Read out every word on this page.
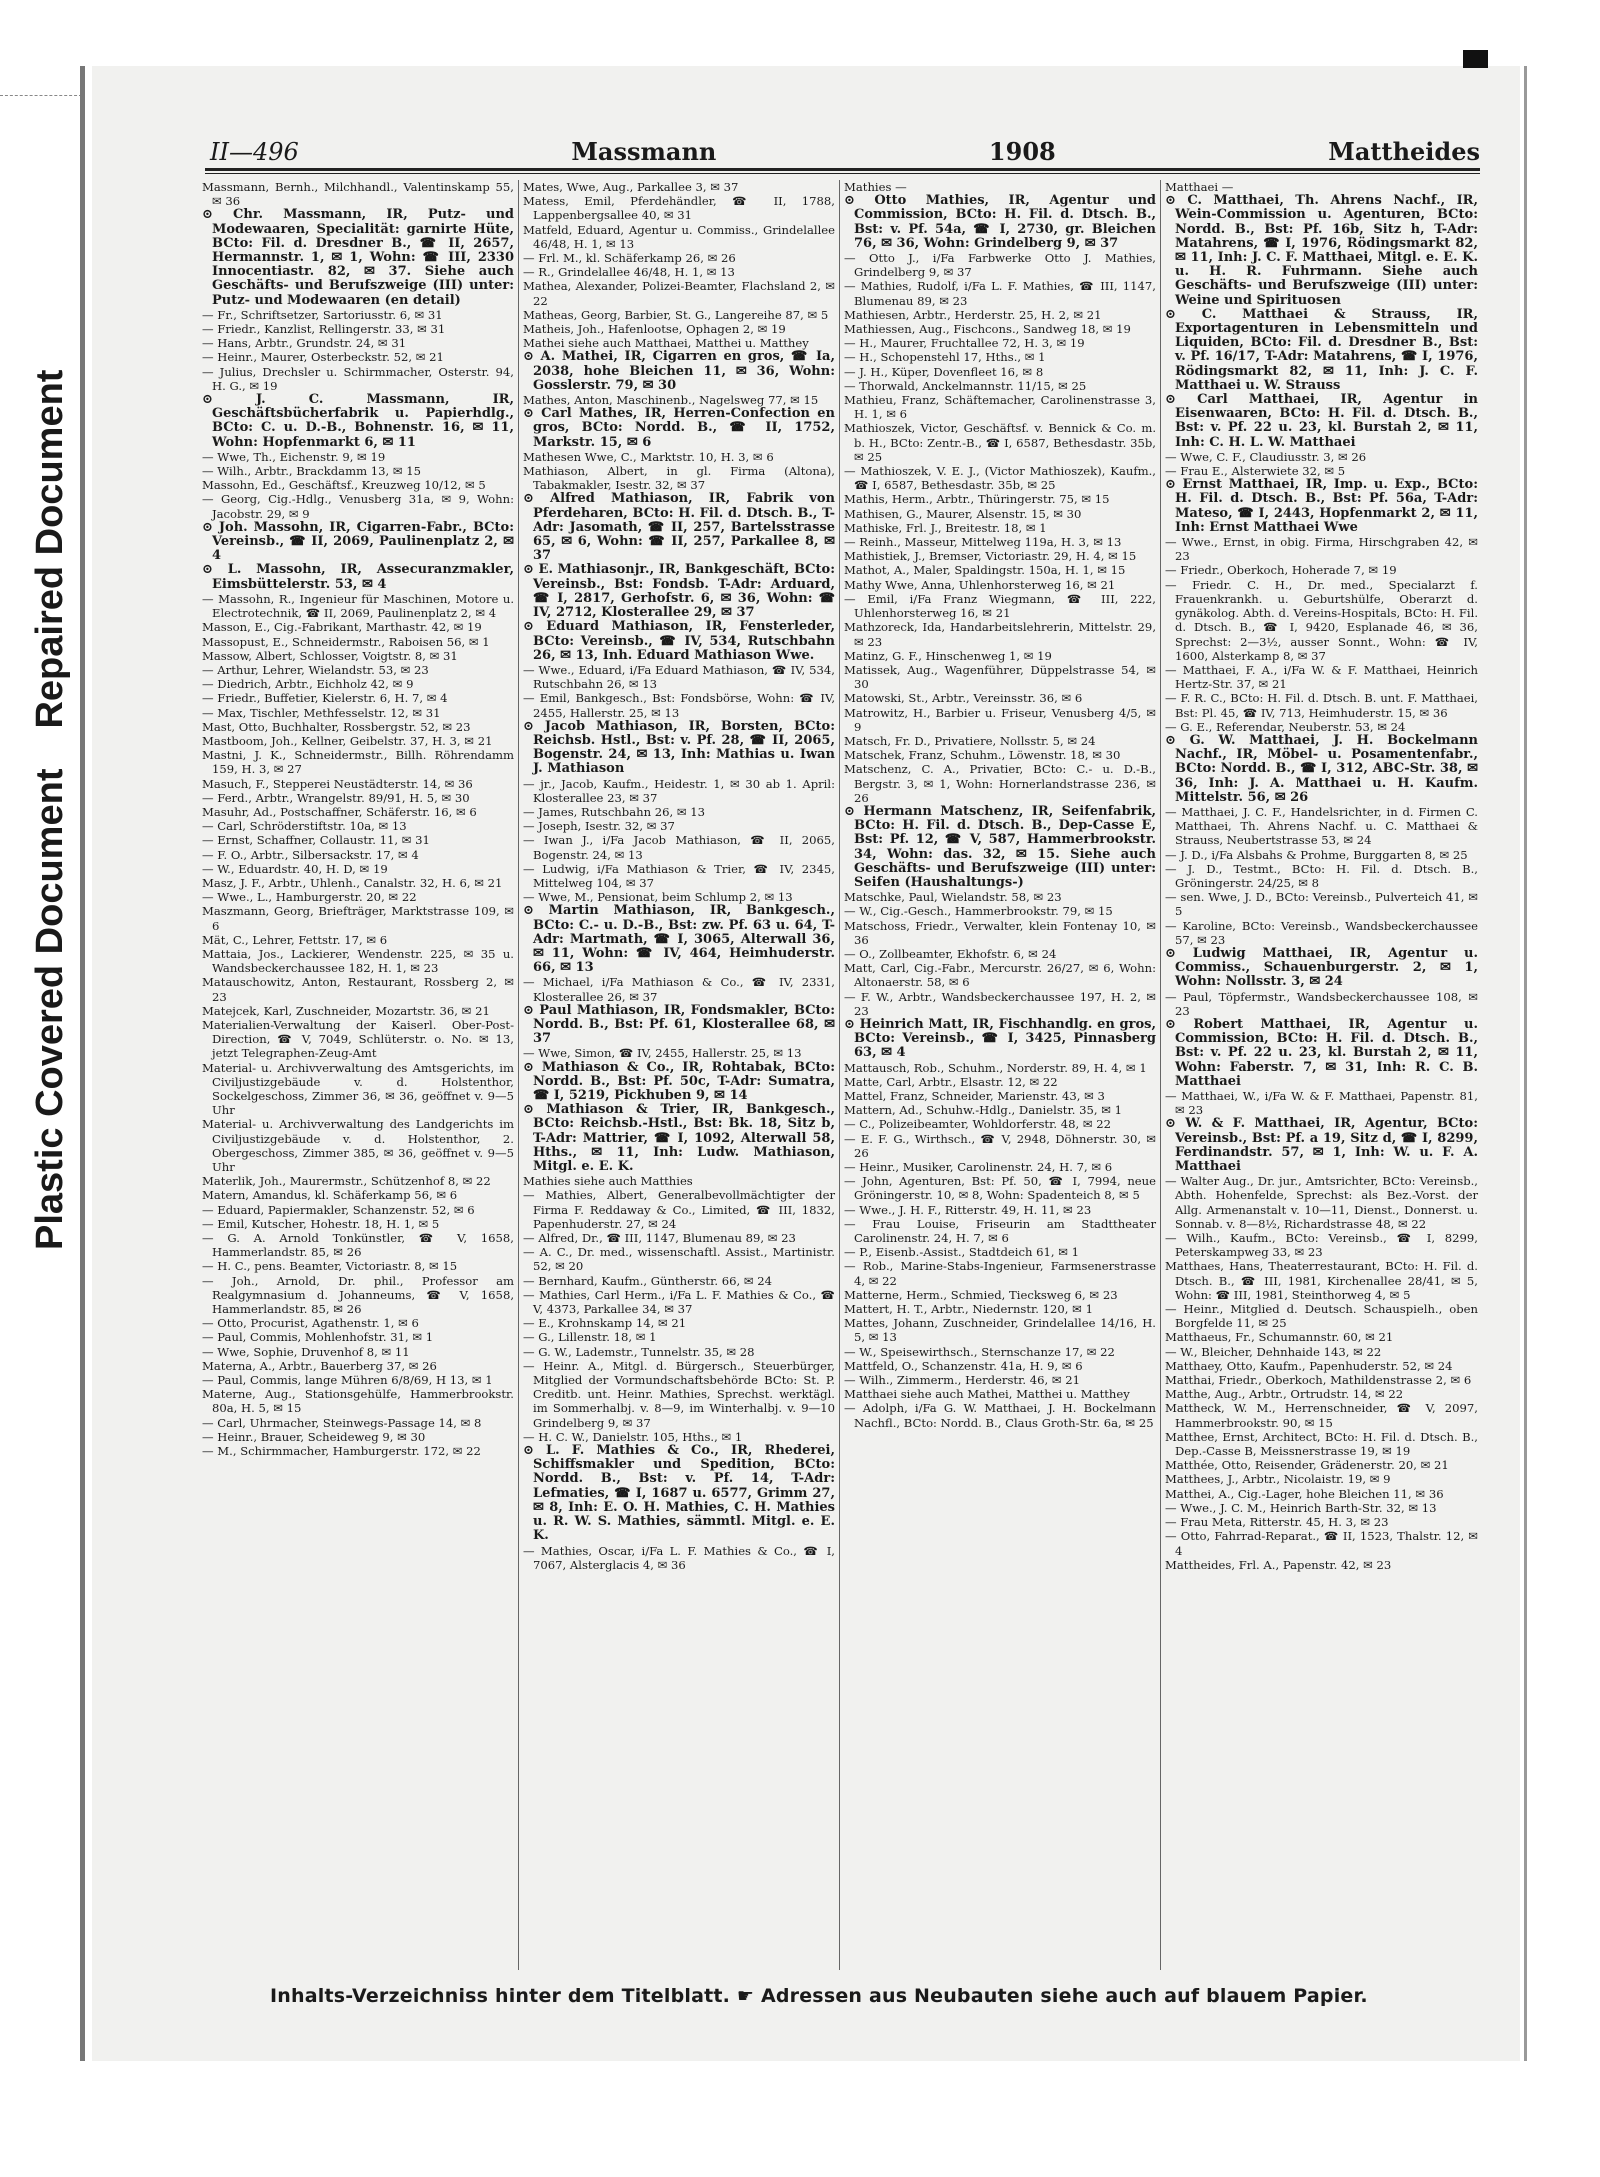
Plastic Covered Document
Repaired Document
II—496	Massmann	1908	Mattheides

Massmann, Bernh., Milchhandl., Valentinskamp 55, ✉ 36

⊙ Chr. Massmann, IR, Putz- und Modewaaren, Specialität: garnirte Hüte, BCto: Fil. d. Dresdner B., ☎ II, 2657, Hermannstr. 1, ✉ 1, Wohn: ☎ III, 2330 Innocentiastr. 82, ✉ 37. Siehe auch Geschäfts- und Berufszweige (III) unter: Putz- und Modewaaren (en detail)

— Fr., Schriftsetzer, Sartoriusstr. 6, ✉ 31

— Friedr., Kanzlist, Rellingerstr. 33, ✉ 31

— Hans, Arbtr., Grundstr. 24, ✉ 31

— Heinr., Maurer, Osterbeckstr. 52, ✉ 21

— Julius, Drechsler u. Schirmmacher, Osterstr. 94, H. G., ✉ 19

⊙ J. C. Massmann, IR, Geschäftsbücherfabrik u. Papierhdlg., BCto: C. u. D.-B., Bohnenstr. 16, ✉ 11, Wohn: Hopfenmarkt 6, ✉ 11

— Wwe, Th., Eichenstr. 9, ✉ 19

— Wilh., Arbtr., Brackdamm 13, ✉ 15

Massohn, Ed., Geschäftsf., Kreuzweg 10/12, ✉ 5

— Georg, Cig.-Hdlg., Venusberg 31a, ✉ 9, Wohn: Jacobstr. 29, ✉ 9

⊙ Joh. Massohn, IR, Cigarren-Fabr., BCto: Vereinsb., ☎ II, 2069, Paulinenplatz 2, ✉ 4

⊙ L. Massohn, IR, Assecuranzmakler, Eimsbüttelerstr. 53, ✉ 4

— Massohn, R., Ingenieur für Maschinen, Motore u. Electrotechnik, ☎ II, 2069, Paulinenplatz 2, ✉ 4

Masson, E., Cig.-Fabrikant, Marthastr. 42, ✉ 19

Massopust, E., Schneidermstr., Raboisen 56, ✉ 1

Massow, Albert, Schlosser, Voigtstr. 8, ✉ 31

— Arthur, Lehrer, Wielandstr. 53, ✉ 23

— Diedrich, Arbtr., Eichholz 42, ✉ 9

— Friedr., Buffetier, Kielerstr. 6, H. 7, ✉ 4

— Max, Tischler, Methfesselstr. 12, ✉ 31

Mast, Otto, Buchhalter, Rossbergstr. 52, ✉ 23

Mastboom, Joh., Kellner, Geibelstr. 37, H. 3, ✉ 21

Mastni, J. K., Schneidermstr., Billh. Röhrendamm 159, H. 3, ✉ 27

Masuch, F., Stepperei Neustädterstr. 14, ✉ 36

— Ferd., Arbtr., Wrangelstr. 89/91, H. 5, ✉ 30

Masuhr, Ad., Postschaffner, Schäferstr. 16, ✉ 6

— Carl, Schröderstiftstr. 10a, ✉ 13

— Ernst, Schaffner, Collaustr. 11, ✉ 31

— F. O., Arbtr., Silbersackstr. 17, ✉ 4

— W., Eduardstr. 40, H. D, ✉ 19

Masz, J. F., Arbtr., Uhlenh., Canalstr. 32, H. 6, ✉ 21

— Wwe., L., Hamburgerstr. 20, ✉ 22

Maszmann, Georg, Briefträger, Marktstrasse 109, ✉ 6

Mät, C., Lehrer, Fettstr. 17, ✉ 6

Mattaia, Jos., Lackierer, Wendenstr. 225, ✉ 35 u. Wandsbeckerchaussee 182, H. 1, ✉ 23

Matauschowitz, Anton, Restaurant, Rossberg 2, ✉ 23

Matejcek, Karl, Zuschneider, Mozartstr. 36, ✉ 21

Materialien-Verwaltung der Kaiserl. Ober-Post-Direction, ☎ V, 7049, Schlüterstr. o. No. ✉ 13, jetzt Telegraphen-Zeug-Amt

Material- u. Archivverwaltung des Amtsgerichts, im Civiljustizgebäude v. d. Holstenthor, Sockelgeschoss, Zimmer 36, ✉ 36, geöffnet v. 9—5 Uhr

Material- u. Archivverwaltung des Landgerichts im Civiljustizgebäude v. d. Holstenthor, 2. Obergeschoss, Zimmer 385, ✉ 36, geöffnet v. 9—5 Uhr

Materlik, Joh., Maurermstr., Schützenhof 8, ✉ 22

Matern, Amandus, kl. Schäferkamp 56, ✉ 6

— Eduard, Papiermakler, Schanzenstr. 52, ✉ 6

— Emil, Kutscher, Hohestr. 18, H. 1, ✉ 5

— G. A. Arnold Tonkünstler, ☎ V, 1658, Hammerlandstr. 85, ✉ 26

— H. C., pens. Beamter, Victoriastr. 8, ✉ 15

— Joh., Arnold, Dr. phil., Professor am Realgymnasium d. Johanneums, ☎ V, 1658, Hammerlandstr. 85, ✉ 26

— Otto, Procurist, Agathenstr. 1, ✉ 6

— Paul, Commis, Mohlenhofstr. 31, ✉ 1

— Wwe, Sophie, Druvenhof 8, ✉ 11

Materna, A., Arbtr., Bauerberg 37, ✉ 26

— Paul, Commis, lange Mühren 6/8/69, H 13, ✉ 1

Materne, Aug., Stationsgehülfe, Hammerbrookstr. 80a, H. 5, ✉ 15

— Carl, Uhrmacher, Steinwegs-Passage 14, ✉ 8

— Heinr., Brauer, Scheideweg 9, ✉ 30

— M., Schirmmacher, Hamburgerstr. 172, ✉ 22

Mates, Wwe, Aug., Parkallee 3, ✉ 37

Matess, Emil, Pferdehändler, ☎ II, 1788, Lappenbergsallee 40, ✉ 31

Matfeld, Eduard, Agentur u. Commiss., Grindelallee 46/48, H. 1, ✉ 13

— Frl. M., kl. Schäferkamp 26, ✉ 26

— R., Grindelallee 46/48, H. 1, ✉ 13

Mathea, Alexander, Polizei-Beamter, Flachsland 2, ✉ 22

Matheas, Georg, Barbier, St. G., Langereihe 87, ✉ 5

Matheis, Joh., Hafenlootse, Ophagen 2, ✉ 19

Mathei siehe auch Matthaei, Matthei u. Matthey

⊙ A. Mathei, IR, Cigarren en gros, ☎ Ia, 2038, hohe Bleichen 11, ✉ 36, Wohn: Gosslerstr. 79, ✉ 30

Mathes, Anton, Maschinenb., Nagelsweg 77, ✉ 15

⊙ Carl Mathes, IR, Herren-Confection en gros, BCto: Nordd. B., ☎ II, 1752, Markstr. 15, ✉ 6

Mathesen Wwe, C., Marktstr. 10, H. 3, ✉ 6

Mathiason, Albert, in gl. Firma (Altona), Tabakmakler, Isestr. 32, ✉ 37

⊙ Alfred Mathiason, IR, Fabrik von Pferdeharen, BCto: H. Fil. d. Dtsch. B., T-Adr: Jasomath, ☎ II, 257, Bartelsstrasse 65, ✉ 6, Wohn: ☎ II, 257, Parkallee 8, ✉ 37

⊙ E. Mathiasonjr., IR, Bankgeschäft, BCto: Vereinsb., Bst: Fondsb. T-Adr: Arduard, ☎ I, 2817, Gerhofstr. 6, ✉ 36, Wohn: ☎ IV, 2712, Klosterallee 29, ✉ 37

⊙ Eduard Mathiason, IR, Fensterleder, BCto: Vereinsb., ☎ IV, 534, Rutschbahn 26, ✉ 13, Inh. Eduard Mathiason Wwe.

— Wwe., Eduard, i/Fa Eduard Mathiason, ☎ IV, 534, Rutschbahn 26, ✉ 13

— Emil, Bankgesch., Bst: Fondsbörse, Wohn: ☎ IV, 2455, Hallerstr. 25, ✉ 13

⊙ Jacob Mathiason, IR, Borsten, BCto: Reichsb. Hstl., Bst: v. Pf. 28, ☎ II, 2065, Bogenstr. 24, ✉ 13, Inh: Mathias u. Iwan J. Mathiason

— jr., Jacob, Kaufm., Heidestr. 1, ✉ 30 ab 1. April: Klosterallee 23, ✉ 37

— James, Rutschbahn 26, ✉ 13

— Joseph, Isestr. 32, ✉ 37

— Iwan J., i/Fa Jacob Mathiason, ☎ II, 2065, Bogenstr. 24, ✉ 13

— Ludwig, i/Fa Mathiason & Trier, ☎ IV, 2345, Mittelweg 104, ✉ 37

— Wwe, M., Pensionat, beim Schlump 2, ✉ 13

⊙ Martin Mathiason, IR, Bankgesch., BCto: C.- u. D.-B., Bst: zw. Pf. 63 u. 64, T-Adr: Martmath, ☎ I, 3065, Alterwall 36, ✉ 11, Wohn: ☎ IV, 464, Heimhuderstr. 66, ✉ 13

— Michael, i/Fa Mathiason & Co., ☎ IV, 2331, Klosterallee 26, ✉ 37

⊙ Paul Mathiason, IR, Fondsmakler, BCto: Nordd. B., Bst: Pf. 61, Klosterallee 68, ✉ 37

— Wwe, Simon, ☎ IV, 2455, Hallerstr. 25, ✉ 13

⊙ Mathiason & Co., IR, Rohtabak, BCto: Nordd. B., Bst: Pf. 50c, T-Adr: Sumatra, ☎ I, 5219, Pickhuben 9, ✉ 14

⊙ Mathiason & Trier, IR, Bankgesch., BCto: Reichsb.-Hstl., Bst: Bk. 18, Sitz b, T-Adr: Mattrier, ☎ I, 1092, Alterwall 58, Hths., ✉ 11, Inh: Ludw. Mathiason, Mitgl. e. E. K.

Mathies siehe auch Matthies

— Mathies, Albert, Generalbevollmächtigter der Firma F. Reddaway & Co., Limited, ☎ III, 1832, Papenhuderstr. 27, ✉ 24

— Alfred, Dr., ☎ III, 1147, Blumenau 89, ✉ 23

— A. C., Dr. med., wissenschaftl. Assist., Martinistr. 52, ✉ 20

— Bernhard, Kaufm., Güntherstr. 66, ✉ 24

— Mathies, Carl Herm., i/Fa L. F. Mathies & Co., ☎ V, 4373, Parkallee 34, ✉ 37

— E., Krohnskamp 14, ✉ 21

— G., Lillenstr. 18, ✉ 1

— G. W., Lademstr., Tunnelstr. 35, ✉ 28

— Heinr. A., Mitgl. d. Bürgersch., Steuerbürger, Mitglied der Vormundschaftsbehörde BCto: St. P. Creditb. unt. Heinr. Mathies, Sprechst. werktägl. im Sommerhalbj. v. 8—9, im Winterhalbj. v. 9—10 Grindelberg 9, ✉ 37

— H. C. W., Danielstr. 105, Hths., ✉ 1

⊙ L. F. Mathies & Co., IR, Rhederei, Schiffsmakler und Spedition, BCto: Nordd. B., Bst: v. Pf. 14, T-Adr: Lefmaties, ☎ I, 1687 u. 6577, Grimm 27, ✉ 8, Inh: E. O. H. Mathies, C. H. Mathies u. R. W. S. Mathies, sämmtl. Mitgl. e. E. K.

— Mathies, Oscar, i/Fa L. F. Mathies & Co., ☎ I, 7067, Alsterglacis 4, ✉ 36

Mathies —

⊙ Otto Mathies, IR, Agentur und Commission, BCto: H. Fil. d. Dtsch. B., Bst: v. Pf. 54a, ☎ I, 2730, gr. Bleichen 76, ✉ 36, Wohn: Grindelberg 9, ✉ 37

— Otto J., i/Fa Farbwerke Otto J. Mathies, Grindelberg 9, ✉ 37

— Mathies, Rudolf, i/Fa L. F. Mathies, ☎ III, 1147, Blumenau 89, ✉ 23

Mathiesen, Arbtr., Herderstr. 25, H. 2, ✉ 21

Mathiessen, Aug., Fischcons., Sandweg 18, ✉ 19

— H., Maurer, Fruchtallee 72, H. 3, ✉ 19

— H., Schopenstehl 17, Hths., ✉ 1

— J. H., Küper, Dovenfleet 16, ✉ 8

— Thorwald, Anckelmannstr. 11/15, ✉ 25

Mathieu, Franz, Schäftemacher, Carolinenstrasse 3, H. 1, ✉ 6

Mathioszek, Victor, Geschäftsf. v. Bennick & Co. m. b. H., BCto: Zentr.-B., ☎ I, 6587, Bethesdastr. 35b, ✉ 25

— Mathioszek, V. E. J., (Victor Mathioszek), Kaufm., ☎ I, 6587, Bethesdastr. 35b, ✉ 25

Mathis, Herm., Arbtr., Thüringerstr. 75, ✉ 15

Mathisen, G., Maurer, Alsenstr. 15, ✉ 30

Mathiske, Frl. J., Breitestr. 18, ✉ 1

— Reinh., Masseur, Mittelweg 119a, H. 3, ✉ 13

Mathistiek, J., Bremser, Victoriastr. 29, H. 4, ✉ 15

Mathot, A., Maler, Spaldingstr. 150a, H. 1, ✉ 15

Mathy Wwe, Anna, Uhlenhorsterweg 16, ✉ 21

— Emil, i/Fa Franz Wiegmann, ☎ III, 222, Uhlenhorsterweg 16, ✉ 21

Mathzoreck, Ida, Handarbeitslehrerin, Mittelstr. 29, ✉ 23

Matinz, G. F., Hinschenweg 1, ✉ 19

Matissek, Aug., Wagenführer, Düppelstrasse 54, ✉ 30

Matowski, St., Arbtr., Vereinsstr. 36, ✉ 6

Matrowitz, H., Barbier u. Friseur, Venusberg 4/5, ✉ 9

Matsch, Fr. D., Privatiere, Nollsstr. 5, ✉ 24

Matschek, Franz, Schuhm., Löwenstr. 18, ✉ 30

Matschenz, C. A., Privatier, BCto: C.- u. D.-B., Bergstr. 3, ✉ 1, Wohn: Hornerlandstrasse 236, ✉ 26

⊙ Hermann Matschenz, IR, Seifenfabrik, BCto: H. Fil. d. Dtsch. B., Dep-Casse E, Bst: Pf. 12, ☎ V, 587, Hammerbrookstr. 34, Wohn: das. 32, ✉ 15. Siehe auch Geschäfts- und Berufszweige (III) unter: Seifen (Haushaltungs-)

Matschke, Paul, Wielandstr. 58, ✉ 23

— W., Cig.-Gesch., Hammerbrookstr. 79, ✉ 15

Matschoss, Friedr., Verwalter, klein Fontenay 10, ✉ 36

— O., Zollbeamter, Ekhofstr. 6, ✉ 24

Matt, Carl, Cig.-Fabr., Mercurstr. 26/27, ✉ 6, Wohn: Altonaerstr. 58, ✉ 6

— F. W., Arbtr., Wandsbeckerchaussee 197, H. 2, ✉ 23

⊙ Heinrich Matt, IR, Fischhandlg. en gros, BCto: Vereinsb., ☎ I, 3425, Pinnasberg 63, ✉ 4

Mattausch, Rob., Schuhm., Norderstr. 89, H. 4, ✉ 1

Matte, Carl, Arbtr., Elsastr. 12, ✉ 22

Mattel, Franz, Schneider, Marienstr. 43, ✉ 3

Mattern, Ad., Schuhw.-Hdlg., Danielstr. 35, ✉ 1

— C., Polizeibeamter, Wohldorferstr. 48, ✉ 22

— E. F. G., Wirthsch., ☎ V, 2948, Döhnerstr. 30, ✉ 26

— Heinr., Musiker, Carolinenstr. 24, H. 7, ✉ 6

— John, Agenturen, Bst: Pf. 50, ☎ I, 7994, neue Gröningerstr. 10, ✉ 8, Wohn: Spadenteich 8, ✉ 5

— Wwe., J. H. F., Ritterstr. 49, H. 11, ✉ 23

— Frau Louise, Friseurin am Stadttheater Carolinenstr. 24, H. 7, ✉ 6

— P., Eisenb.-Assist., Stadtdeich 61, ✉ 1

— Rob., Marine-Stabs-Ingenieur, Farmsenerstrasse 4, ✉ 22

Matterne, Herm., Schmied, Tiecksweg 6, ✉ 23

Mattert, H. T., Arbtr., Niedernstr. 120, ✉ 1

Mattes, Johann, Zuschneider, Grindelallee 14/16, H. 5, ✉ 13

— W., Speisewirthsch., Sternschanze 17, ✉ 22

Mattfeld, O., Schanzenstr. 41a, H. 9, ✉ 6

— Wilh., Zimmerm., Herderstr. 46, ✉ 21

Matthaei siehe auch Mathei, Matthei u. Matthey

— Adolph, i/Fa G. W. Matthaei, J. H. Bockelmann Nachfl., BCto: Nordd. B., Claus Groth-Str. 6a, ✉ 25

Matthaei —

⊙ C. Matthaei, Th. Ahrens Nachf., IR, Wein-Commission u. Agenturen, BCto: Nordd. B., Bst: Pf. 16b, Sitz h, T-Adr: Matahrens, ☎ I, 1976, Rödingsmarkt 82, ✉ 11, Inh: J. C. F. Matthaei, Mitgl. e. E. K. u. H. R. Fuhrmann. Siehe auch Geschäfts- und Berufszweige (III) unter: Weine und Spirituosen

⊙ C. Matthaei & Strauss, IR, Exportagenturen in Lebensmitteln und Liquiden, BCto: Fil. d. Dresdner B., Bst: v. Pf. 16/17, T-Adr: Matahrens, ☎ I, 1976, Rödingsmarkt 82, ✉ 11, Inh: J. C. F. Matthaei u. W. Strauss

⊙ Carl Matthaei, IR, Agentur in Eisenwaaren, BCto: H. Fil. d. Dtsch. B., Bst: v. Pf. 22 u. 23, kl. Burstah 2, ✉ 11, Inh: C. H. L. W. Matthaei

— Wwe, C. F., Claudiusstr. 3, ✉ 26

— Frau E., Alsterwiete 32, ✉ 5

⊙ Ernst Matthaei, IR, Imp. u. Exp., BCto: H. Fil. d. Dtsch. B., Bst: Pf. 56a, T-Adr: Mateso, ☎ I, 2443, Hopfenmarkt 2, ✉ 11, Inh: Ernst Matthaei Wwe

— Wwe., Ernst, in obig. Firma, Hirschgraben 42, ✉ 23

— Friedr., Oberkoch, Hoherade 7, ✉ 19

— Friedr. C. H., Dr. med., Specialarzt f. Frauenkrankh. u. Geburtshülfe, Oberarzt d. gynäkolog. Abth. d. Vereins-Hospitals, BCto: H. Fil. d. Dtsch. B., ☎ I, 9420, Esplanade 46, ✉ 36, Sprechst: 2—3½, ausser Sonnt., Wohn: ☎ IV, 1600, Alsterkamp 8, ✉ 37

— Matthaei, F. A., i/Fa W. & F. Matthaei, Heinrich Hertz-Str. 37, ✉ 21

— F. R. C., BCto: H. Fil. d. Dtsch. B. unt. F. Matthaei, Bst: Pl. 45, ☎ IV, 713, Heimhuderstr. 15, ✉ 36

— G. E., Referendar, Neuberstr. 53, ✉ 24

⊙ G. W. Matthaei, J. H. Bockelmann Nachf., IR, Möbel- u. Posamentenfabr., BCto: Nordd. B., ☎ I, 312, ABC-Str. 38, ✉ 36, Inh: J. A. Matthaei u. H. Kaufm. Mittelstr. 56, ✉ 26

— Matthaei, J. C. F., Handelsrichter, in d. Firmen C. Matthaei, Th. Ahrens Nachf. u. C. Matthaei & Strauss, Neubertstrasse 53, ✉ 24

— J. D., i/Fa Alsbahs & Prohme, Burggarten 8, ✉ 25

— J. D., Testmt., BCto: H. Fil. d. Dtsch. B., Gröningerstr. 24/25, ✉ 8

— sen. Wwe, J. D., BCto: Vereinsb., Pulverteich 41, ✉ 5

— Karoline, BCto: Vereinsb., Wandsbeckerchaussee 57, ✉ 23

⊙ Ludwig Matthaei, IR, Agentur u. Commiss., Schauenburgerstr. 2, ✉ 1, Wohn: Nollsstr. 3, ✉ 24

— Paul, Töpfermstr., Wandsbeckerchaussee 108, ✉ 23

⊙ Robert Matthaei, IR, Agentur u. Commission, BCto: H. Fil. d. Dtsch. B., Bst: v. Pf. 22 u. 23, kl. Burstah 2, ✉ 11, Wohn: Faberstr. 7, ✉ 31, Inh: R. C. B. Matthaei

— Matthaei, W., i/Fa W. & F. Matthaei, Papenstr. 81, ✉ 23

⊙ W. & F. Matthaei, IR, Agentur, BCto: Vereinsb., Bst: Pf. a 19, Sitz d, ☎ I, 8299, Ferdinandstr. 57, ✉ 1, Inh: W. u. F. A. Matthaei

— Walter Aug., Dr. jur., Amtsrichter, BCto: Vereinsb., Abth. Hohenfelde, Sprechst: als Bez.-Vorst. der Allg. Armenanstalt v. 10—11, Dienst., Donnerst. u. Sonnab. v. 8—8½, Richardstrasse 48, ✉ 22

— Wilh., Kaufm., BCto: Vereinsb., ☎ I, 8299, Peterskampweg 33, ✉ 23

Matthaes, Hans, Theaterrestaurant, BCto: H. Fil. d. Dtsch. B., ☎ III, 1981, Kirchenallee 28/41, ✉ 5, Wohn: ☎ III, 1981, Steinthorweg 4, ✉ 5

— Heinr., Mitglied d. Deutsch. Schauspielh., oben Borgfelde 11, ✉ 25

Matthaeus, Fr., Schumannstr. 60, ✉ 21

— W., Bleicher, Dehnhaide 143, ✉ 22

Matthaey, Otto, Kaufm., Papenhuderstr. 52, ✉ 24

Matthai, Friedr., Oberkoch, Mathildenstrasse 2, ✉ 6

Matthe, Aug., Arbtr., Ortrudstr. 14, ✉ 22

Mattheck, W. M., Herrenschneider, ☎ V, 2097, Hammerbrookstr. 90, ✉ 15

Matthee, Ernst, Architect, BCto: H. Fil. d. Dtsch. B., Dep.-Casse B, Meissnerstrasse 19, ✉ 19

Matthée, Otto, Reisender, Grädenerstr. 20, ✉ 21

Matthees, J., Arbtr., Nicolaistr. 19, ✉ 9

Matthei, A., Cig.-Lager, hohe Bleichen 11, ✉ 36

— Wwe., J. C. M., Heinrich Barth-Str. 32, ✉ 13

— Frau Meta, Ritterstr. 45, H. 3, ✉ 23

— Otto, Fahrrad-Reparat., ☎ II, 1523, Thalstr. 12, ✉ 4

Mattheides, Frl. A., Papenstr. 42, ✉ 23

Inhalts-Verzeichniss hinter dem Titelblatt. ☛ Adressen aus Neubauten siehe auch auf blauem Papier.
